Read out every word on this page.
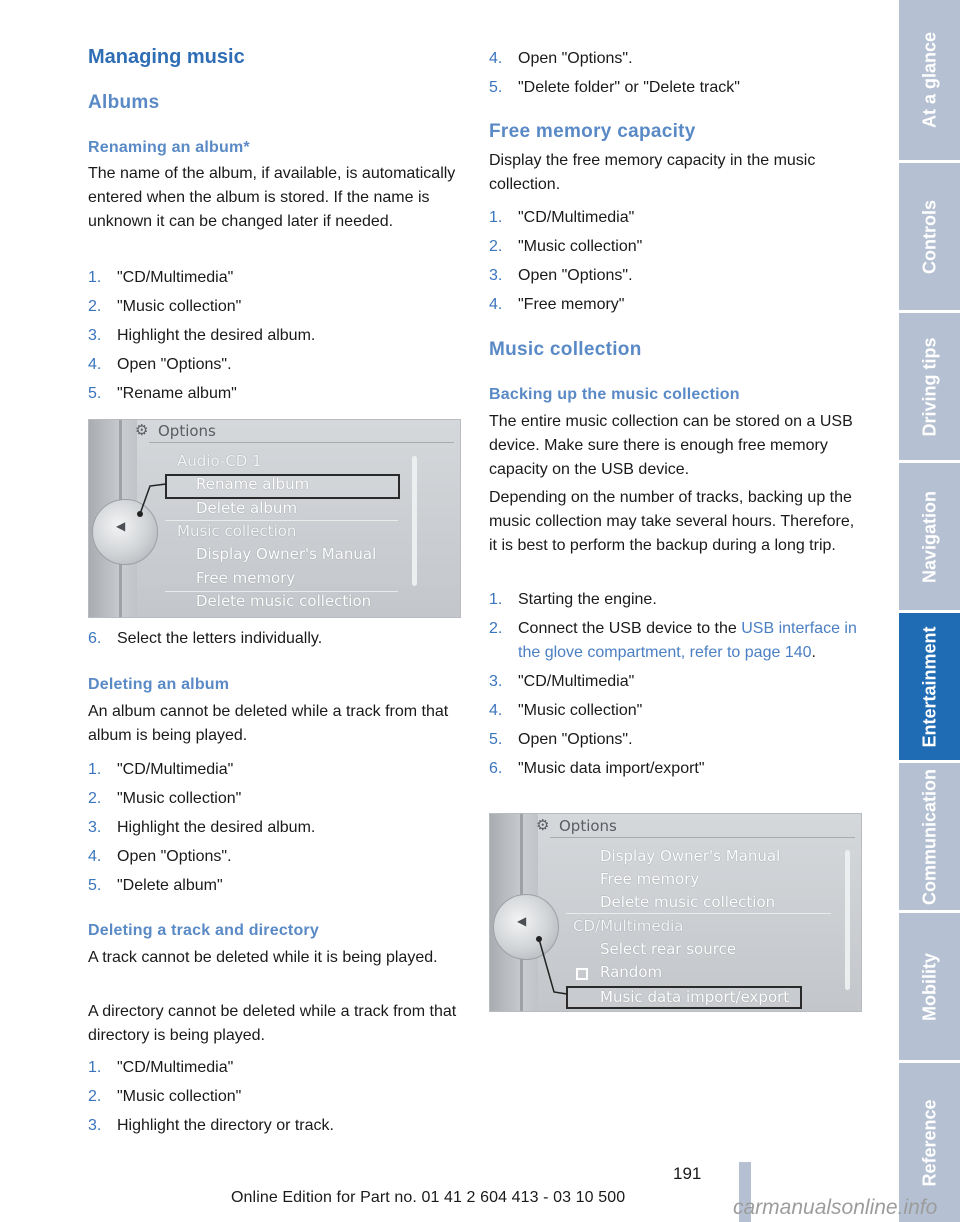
Managing music
Albums
Renaming an album*

The name of the album, if available, is automatically entered when the album is stored. If the name is unknown it can be changed later if needed.

1. "CD/Multimedia"
2. "Music collection"
3. Highlight the desired album.
4. Open "Options".
5. "Rename album"
◀
⚙ Options
Audio-CD 1
Rename album
Delete album
Music collection
Display Owner's Manual
Free memory
Delete music collection
6. Select the letters individually.
Deleting an album

An album cannot be deleted while a track from that album is being played.

1. "CD/Multimedia"
2. "Music collection"
3. Highlight the desired album.
4. Open "Options".
5. "Delete album"
Deleting a track and directory

A track cannot be deleted while it is being played.

A directory cannot be deleted while a track from that directory is being played.

1. "CD/Multimedia"
2. "Music collection"
3. Highlight the directory or track.
4. Open "Options".
5. "Delete folder" or "Delete track"
Free memory capacity

Display the free memory capacity in the music collection.

1. "CD/Multimedia"
2. "Music collection"
3. Open "Options".
4. "Free memory"
Music collection
Backing up the music collection

The entire music collection can be stored on a USB device. Make sure there is enough free memory capacity on the USB device.

Depending on the number of tracks, backing up the music collection may take several hours. Therefore, it is best to perform the backup during a long trip.

1. Starting the engine.
2. Connect the USB device to the USB interface in the glove compartment, refer to page 140.
3. "CD/Multimedia"
4. "Music collection"
5. Open "Options".
6. "Music data import/export"
◀
⚙ Options
Display Owner's Manual
Free memory
Delete music collection
CD/Multimedia
Select rear source
Random
Music data import/export
At a glance
Controls
Driving tips
Navigation
Entertainment
Communication
Mobility
Reference
191
Online Edition for Part no. 01 41 2 604 413 - 03 10 500	carmanualsonline.info
